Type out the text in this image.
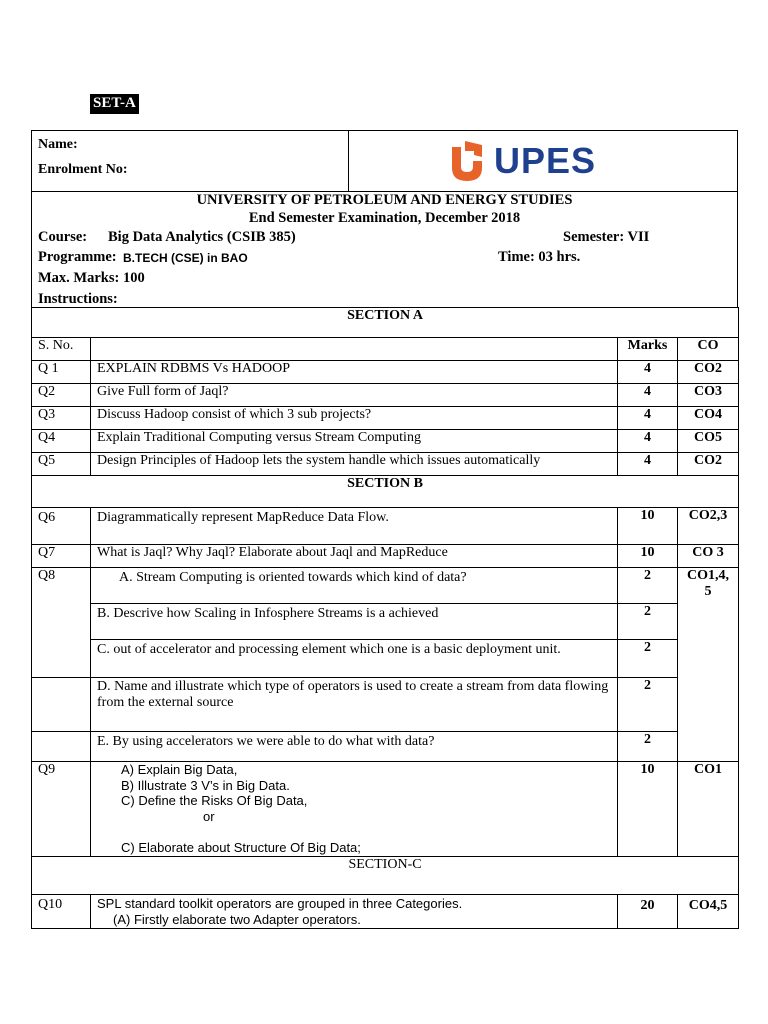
SET-A
Name:
Enrolment No:	UPES
UNIVERSITY OF PETROLEUM AND ENERGY STUDIES
End Semester Examination, December 2018
Course: Big Data Analytics (CSIB 385)	Semester: VII
Programme: B.TECH (CSE) in BAO	Time: 03 hrs.
Max. Marks: 100
Instructions:
SECTION A			
S. No.		Marks	CO
Q 1	EXPLAIN RDBMS Vs HADOOP	4	CO2
Q2	Give Full form of Jaql?	4	CO3
Q3	Discuss Hadoop consist of which 3 sub projects?	4	CO4
Q4	Explain Traditional Computing versus Stream Computing	4	CO5
Q5	Design Principles of Hadoop lets the system handle which issues automatically	4	CO2
SECTION B			
Q6	Diagrammatically represent MapReduce Data Flow.	10	CO2,3
Q7	What is Jaql? Why Jaql? Elaborate about Jaql and MapReduce	10	CO 3
Q8	A. Stream Computing is oriented towards which kind of data?	2	CO1,4, 5
	B. Descrive how Scaling in Infosphere Streams is a achieved	2	
	C. out of accelerator and processing element which one is a basic deployment unit.	2	
	D. Name and illustrate which type of operators is used to create a stream from data flowing from the external source	2	
	E. By using accelerators we were able to do what with data?	2	
Q9	A) Explain Big Data,
B) Illustrate 3 V’s in Big Data.
C) Define the Risks Of Big Data,
or
C) Elaborate about Structure Of Big Data;	10	CO1
SECTION-C			
Q10	SPL standard toolkit operators are grouped in three Categories.
(A) Firstly elaborate two Adapter operators.	20	CO4,5
